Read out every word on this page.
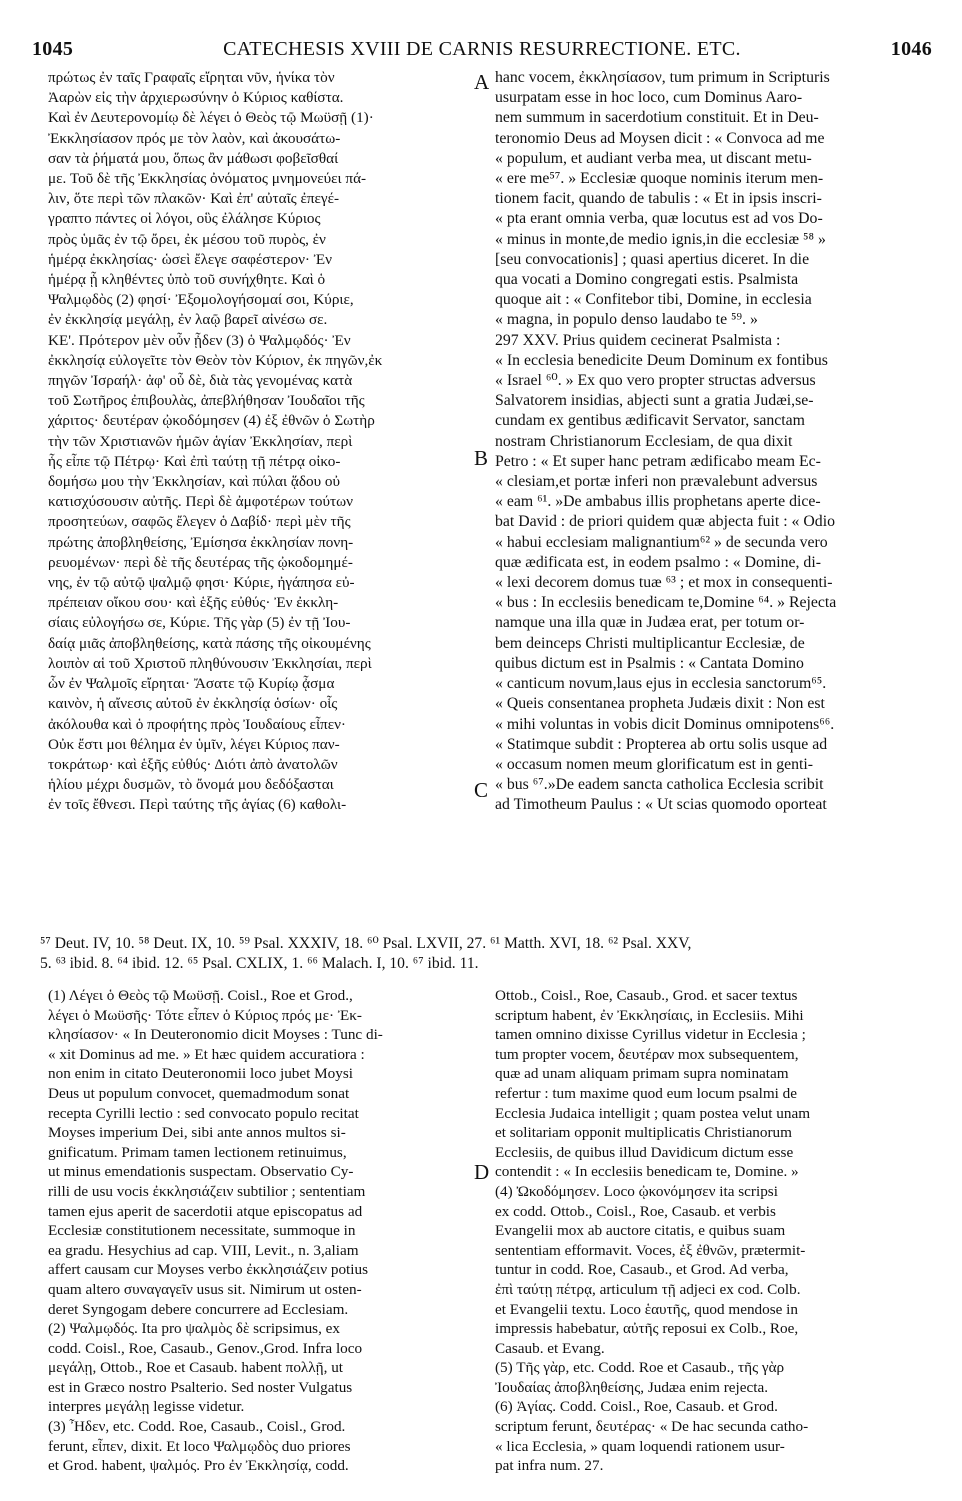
1045	CATECHESIS XVIII DE CARNIS RESURRECTIONE. ETC.	1046
πρώτως ἐν ταῖς Γραφαῖς εἴρηται νῦν, ἡνίκα τὸν
Ἀαρὼν εἰς τὴν ἀρχιερωσύνην ὁ Κύριος καθίστα.
Καὶ ἐν Δευτερονομίῳ δὲ λέγει ὁ Θεὸς τῷ Μωϋσῇ (1)·
Ἐκκλησίασον πρός με τὸν λαὸν, καὶ ἀκουσάτω-
σαν τὰ ῥήματά μου, ὅπως ἂν μάθωσι φοβεῖσθαί
με. Τοῦ δὲ τῆς Ἐκκλησίας ὀνόματος μνημονεύει πά-
λιν, ὅτε περὶ τῶν πλακῶν· Καὶ ἐπ' αὐταῖς ἐπεγέ-
γραπτο πάντες οἱ λόγοι, οὓς ἐλάλησε Κύριος
πρὸς ὑμᾶς ἐν τῷ ὄρει, ἐκ μέσου τοῦ πυρὸς, ἐν
ἡμέρᾳ ἐκκλησίας· ὡσεὶ ἔλεγε σαφέστερον· Ἐν
ἡμέρᾳ ᾗ κληθέντες ὑπὸ τοῦ συνήχθητε. Καὶ ὁ
Ψαλμῳδὸς (2) φησί· Ἐξομολογήσομαί σοι, Κύριε,
ἐν ἐκκλησίᾳ μεγάλῃ, ἐν λαῷ βαρεῖ αἰνέσω σε.
ΚΕ'. Πρότερον μὲν οὖν ᾖδεν (3) ὁ Ψαλμῳδός· Ἐν
ἐκκλησίᾳ εὐλογεῖτε τὸν Θεὸν τὸν Κύριον, ἐκ πηγῶν,ἐκ
πηγῶν Ἰσραήλ· ἀφ' οὗ δὲ, διὰ τὰς γενομένας κατὰ
τοῦ Σωτῆρος ἐπιβουλὰς, ἀπεβλήθησαν Ἰουδαῖοι τῆς
χάριτος· δευτέραν ᾠκοδόμησεν (4) ἐξ ἐθνῶν ὁ Σωτὴρ
τὴν τῶν Χριστιανῶν ἡμῶν ἁγίαν Ἐκκλησίαν, περὶ
ἧς εἶπε τῷ Πέτρῳ· Καὶ ἐπὶ ταύτῃ τῇ πέτρᾳ οἰκο-
δομήσω μου τὴν Ἐκκλησίαν, καὶ πύλαι ᾅδου οὐ
κατισχύσουσιν αὐτῆς. Περὶ δὲ ἀμφοτέρων τούτων
προσητεύων, σαφῶς ἔλεγεν ὁ Δαβίδ· περὶ μὲν τῆς
πρώτης ἀποβληθείσης, Ἐμίσησα ἐκκλησίαν πονη-
ρευομένων· περὶ δὲ τῆς δευτέρας τῆς ᾠκοδομημέ-
νης, ἐν τῷ αὐτῷ ψαλμῷ φησι· Κύριε, ἠγάπησα εὐ-
πρέπειαν οἴκου σου· καὶ ἑξῆς εὐθύς· Ἐν ἐκκλη-
σίαις εὐλογήσω σε, Κύριε. Τῆς γὰρ (5) ἐν τῇ Ἰου-
δαίᾳ μιᾶς ἀποβληθείσης, κατὰ πάσης τῆς οἰκουμένης
λοιπὸν αἱ τοῦ Χριστοῦ πληθύνουσιν Ἐκκλησίαι, περὶ
ὧν ἐν Ψαλμοῖς εἴρηται· Ἄσατε τῷ Κυρίῳ ᾆσμα
καινὸν, ἡ αἴνεσις αὐτοῦ ἐν ἐκκλησίᾳ ὁσίων· οἷς
ἀκόλουθα καὶ ὁ προφήτης πρὸς Ἰουδαίους εἶπεν·
Οὐκ ἔστι μοι θέλημα ἐν ὑμῖν, λέγει Κύριος παν-
τοκράτωρ· καὶ ἑξῆς εὐθύς· Διότι ἀπὸ ἀνατολῶν
ἡλίου μέχρι δυσμῶν, τὸ ὄνομά μου δεδόξασται
ἐν τοῖς ἔθνεσι. Περὶ ταύτης τῆς ἁγίας (6) καθολι-
hanc vocem, ἐκκλησίασον, tum primum in Scripturis
usurpatam esse in hoc loco, cum Dominus Aaro-
nem summum in sacerdotium constituit. Et in Deu-
teronomio Deus ad Moysen dicit : « Convoca ad me
« populum, et audiant verba mea, ut discant metu-
« ere me⁵⁷. » Ecclesiæ quoque nominis iterum men-
tionem facit, quando de tabulis : « Et in ipsis inscri-
« pta erant omnia verba, quæ locutus est ad vos Do-
« minus in monte,de medio ignis,in die ecclesiæ ⁵⁸ »
[seu convocationis] ; quasi apertius diceret. In die
qua vocati a Domino congregati estis. Psalmista
quoque ait : « Confitebor tibi, Domine, in ecclesia
« magna, in populo denso laudabo te ⁵⁹. »
297 XXV. Prius quidem cecinerat Psalmista :
« In ecclesia benedicite Deum Dominum ex fontibus
« Israel ⁶⁰. » Ex quo vero propter structas adversus
Salvatorem insidias, abjecti sunt a gratia Judæi,se-
cundam ex gentibus ædificavit Servator, sanctam
nostram Christianorum Ecclesiam, de qua dixit
Petro : « Et super hanc petram ædificabo meam Ec-
« clesiam,et portæ inferi non prævalebunt adversus
« eam ⁶¹. »De ambabus illis prophetans aperte dice-
bat David : de priori quidem quæ abjecta fuit : « Odio
« habui ecclesiam malignantium⁶² » de secunda vero
quæ ædificata est, in eodem psalmo : « Domine, di-
« lexi decorem domus tuæ ⁶³ ; et mox in consequenti-
« bus : In ecclesiis benedicam te,Domine ⁶⁴. » Rejecta
namque una illa quæ in Judæa erat, per totum or-
bem deinceps Christi multiplicantur Ecclesiæ, de
quibus dictum est in Psalmis : « Cantata Domino
« canticum novum,laus ejus in ecclesia sanctorum⁶⁵.
« Queis consentanea propheta Judæis dixit : Non est
« mihi voluntas in vobis dicit Dominus omnipotens⁶⁶.
« Statimque subdit : Propterea ab ortu solis usque ad
« occasum nomen meum glorificatum est in genti-
« bus ⁶⁷.»De eadem sancta catholica Ecclesia scribit
ad Timotheum Paulus : « Ut scias quomodo oporteat
A
B
C
D
⁵⁷ Deut. IV, 10. ⁵⁸ Deut. IX, 10. ⁵⁹ Psal. XXXIV, 18. ⁶⁰ Psal. LXVII, 27. ⁶¹ Matth. XVI, 18. ⁶² Psal. XXV,
5. ⁶³ ibid. 8. ⁶⁴ ibid. 12. ⁶⁵ Psal. CXLIX, 1. ⁶⁶ Malach. I, 10. ⁶⁷ ibid. 11.
(1) Λέγει ὁ Θεὸς τῷ Μωϋσῇ. Coisl., Roe et Grod.,
λέγει ὁ Μωϋσῆς· Τότε εἶπεν ὁ Κύριος πρός με· Ἐκ-
κλησίασον· « In Deuteronomio dicit Moyses : Tunc di-
« xit Dominus ad me. » Et hæc quidem accuratiora :
non enim in citato Deuteronomii loco jubet Moysi
Deus ut populum convocet, quemadmodum sonat
recepta Cyrilli lectio : sed convocato populo recitat
Moyses imperium Dei, sibi ante annos multos si-
gnificatum. Primam tamen lectionem retinuimus,
ut minus emendationis suspectam. Observatio Cy-
rilli de usu vocis ἐκκλησιάζειν subtilior ; sententiam
tamen ejus aperit de sacerdotii atque episcopatus ad
Ecclesiæ constitutionem necessitate, summoque in
ea gradu. Hesychius ad cap. VIII, Levit., n. 3,aliam
affert causam cur Moyses verbo ἐκκλησιάζειν potius
quam altero συναγαγεῖν usus sit. Nimirum ut osten-
deret Syngogam debere concurrere ad Ecclesiam.
(2) Ψαλμῳδός. Ita pro ψαλμὸς δὲ scripsimus, ex
codd. Coisl., Roe, Casaub., Genov.,Grod. Infra loco
μεγάλῃ, Ottob., Roe et Casaub. habent πολλῇ, ut
est in Græco nostro Psalterio. Sed noster Vulgatus
interpres μεγάλῃ legisse videtur.
(3) Ἦδεν, etc. Codd. Roe, Casaub., Coisl., Grod.
ferunt, εἶπεν, dixit. Et loco Ψαλμῳδὸς duo priores
et Grod. habent, ψαλμός. Pro ἐν Ἐκκλησίᾳ, codd.
Ottob., Coisl., Roe, Casaub., Grod. et sacer textus
scriptum habent, ἐν Ἐκκλησίαις, in Ecclesiis. Mihi
tamen omnino dixisse Cyrillus videtur in Ecclesia ;
tum propter vocem, δευτέραν mox subsequentem,
quæ ad unam aliquam primam supra nominatam
refertur : tum maxime quod eum locum psalmi de
Ecclesia Judaica intelligit ; quam postea velut unam
et solitariam opponit multiplicatis Christianorum
Ecclesiis, de quibus illud Davidicum dictum esse
contendit : « In ecclesiis benedicam te, Domine. »
(4) Ὠκοδόμησεν. Loco ᾠκονόμησεν ita scripsi
ex codd. Ottob., Coisl., Roe, Casaub. et verbis
Evangelii mox ab auctore citatis, e quibus suam
sententiam efformavit. Voces, ἐξ ἐθνῶν, prætermit-
tuntur in codd. Roe, Casaub., et Grod. Ad verba,
ἐπὶ ταύτῃ πέτρᾳ, articulum τῇ adjeci ex cod. Colb.
et Evangelii textu. Loco ἑαυτῆς, quod mendose in
impressis habebatur, αὐτῆς reposui ex Colb., Roe,
Casaub. et Evang.
(5) Τῆς γὰρ, etc. Codd. Roe et Casaub., τῆς γὰρ
Ἰουδαίας ἀποβληθείσης, Judæa enim rejecta.
(6) Ἁγίας. Codd. Coisl., Roe, Casaub. et Grod.
scriptum ferunt, δευτέρας· « De hac secunda catho-
« lica Ecclesia, » quam loquendi rationem usur-
pat infra num. 27.
